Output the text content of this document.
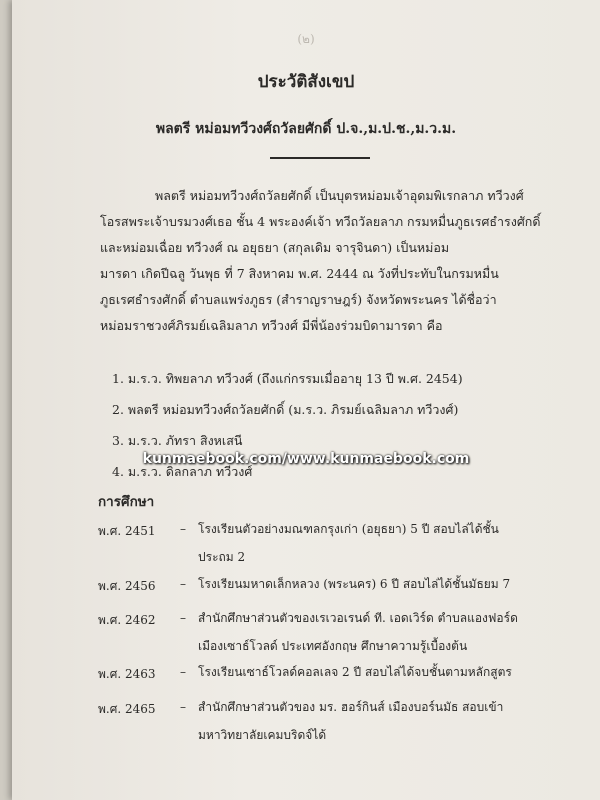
(๒)
ประวัติสังเขป
พลตรี หม่อมทวีวงศ์ถวัลยศักดิ์ ป.จ.,ม.ป.ช.,ม.ว.ม.
พลตรี หม่อมทวีวงศ์ถวัลยศักดิ์ เป็นบุตรหม่อมเจ้าอุดมพิเรกลาภ ทวีวงศ์
โอรสพระเจ้าบรมวงศ์เธอ ชั้น 4 พระองค์เจ้า ทวีถวัลยลาภ กรมหมื่นภูธเรศธำรงศักดิ์
และหม่อมเฉื่อย ทวีวงศ์ ณ อยุธยา (สกุลเดิม จารุจินดา) เป็นหม่อม
มารดา เกิดปีฉลู วันพุธ ที่ 7 สิงหาคม พ.ศ. 2444 ณ วังที่ประทับในกรมหมื่น
ภูธเรศธำรงศักดิ์ ตำบลแพร่งภูธร (สำราญราษฎร์) จังหวัดพระนคร ได้ชื่อว่า
หม่อมราชวงศ์ภิรมย์เฉลิมลาภ ทวีวงศ์ มีพี่น้องร่วมบิดามารดา คือ
1. ม.ร.ว. ทิพยลาภ ทวีวงศ์ (ถึงแก่กรรมเมื่ออายุ 13 ปี พ.ศ. 2454)
2. พลตรี หม่อมทวีวงศ์ถวัลยศักดิ์ (ม.ร.ว. ภิรมย์เฉลิมลาภ ทวีวงศ์)
3. ม.ร.ว. ภัทรา สิงหเสนี
4. ม.ร.ว. ดิลกลาภ ทวีวงศ์
kunmaebook.com/www.kunmaebook.com
การศึกษา
พ.ศ. 2451	– โรงเรียนตัวอย่างมณฑลกรุงเก่า (อยุธยา) 5 ปี สอบไล่ได้ชั้น
ประถม 2
พ.ศ. 2456	– โรงเรียนมหาดเล็กหลวง (พระนคร) 6 ปี สอบไล่ได้ชั้นมัธยม 7
พ.ศ. 2462	– สำนักศึกษาส่วนตัวของเรเวอเรนด์ ที. เอดเวิร์ด ตำบลแองฟอร์ด
เมืองเซาธ์โวลด์ ประเทศอังกฤษ ศึกษาความรู้เบื้องต้น
พ.ศ. 2463	– โรงเรียนเซาธ์โวลด์คอลเลจ 2 ปี สอบไล่ได้จบชั้นตามหลักสูตร
พ.ศ. 2465	– สำนักศึกษาส่วนตัวของ มร. ฮอร์กินส์ เมืองบอร์นมัธ สอบเข้า
มหาวิทยาลัยเคมบริดจ์ได้
